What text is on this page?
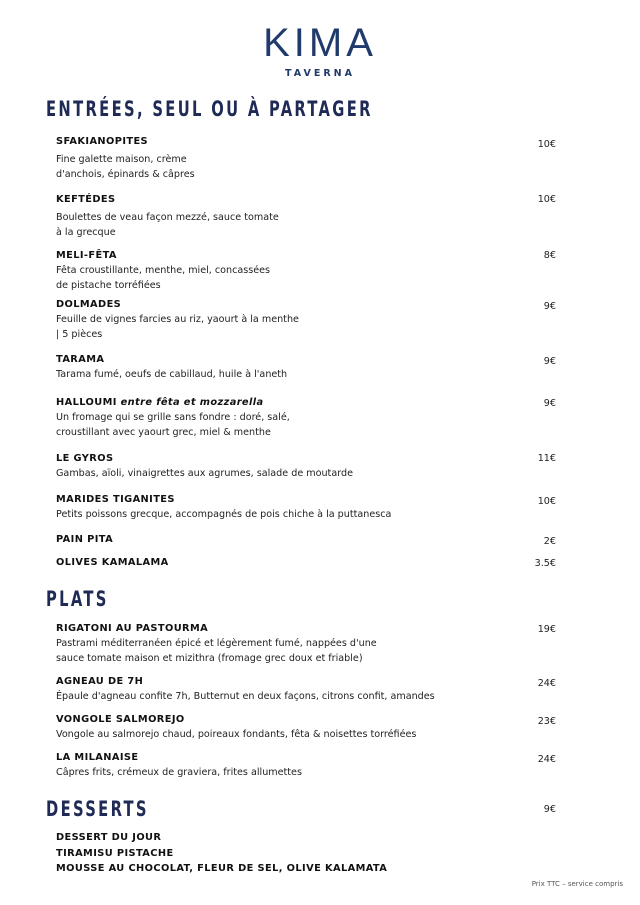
KIMA
TAVERNA
ENTRÉES, SEUL OU À PARTAGER
SFAKIANOPITES
Fine galette maison, crème
d'anchois, épinards & câpres
10€
KEFTÉDES
Boulettes de veau façon mezzé, sauce tomate
à la grecque
10€
MELI-FÊTA
Fêta croustillante, menthe, miel, concassées
de pistache torréfiées
8€
DOLMADES
Feuille de vignes farcies au riz, yaourt à la menthe
| 5 pièces
9€
TARAMA
Tarama fumé, oeufs de cabillaud, huile à l'aneth
9€
HALLOUMI entre fêta et mozzarella
Un fromage qui se grille sans fondre : doré, salé,
croustillant avec yaourt grec, miel & menthe
9€
LE GYROS
Gambas, aïoli, vinaigrettes aux agrumes, salade de moutarde
11€
MARIDES TIGANITES
Petits poissons grecque, accompagnés de pois chiche à la puttanesca
10€
PAIN PITA	2€
OLIVES KAMALAMA	3.5€
PLATS
RIGATONI AU PASTOURMA
Pastrami méditerranéen épicé et légèrement fumé, nappées d'une
sauce tomate maison et mizithra (fromage grec doux et friable)
19€
AGNEAU DE 7H
Épaule d'agneau confite 7h, Butternut en deux façons, citrons confit, amandes
24€
VONGOLE SALMOREJO
Vongole au salmorejo chaud, poireaux fondants, fêta & noisettes torréfiées
23€
LA MILANAISE
Câpres frits, crémeux de graviera, frites allumettes
24€
DESSERTS	9€
DESSERT DU JOUR
TIRAMISU PISTACHE
MOUSSE AU CHOCOLAT, FLEUR DE SEL, OLIVE KALAMATA
Prix TTC – service compris
